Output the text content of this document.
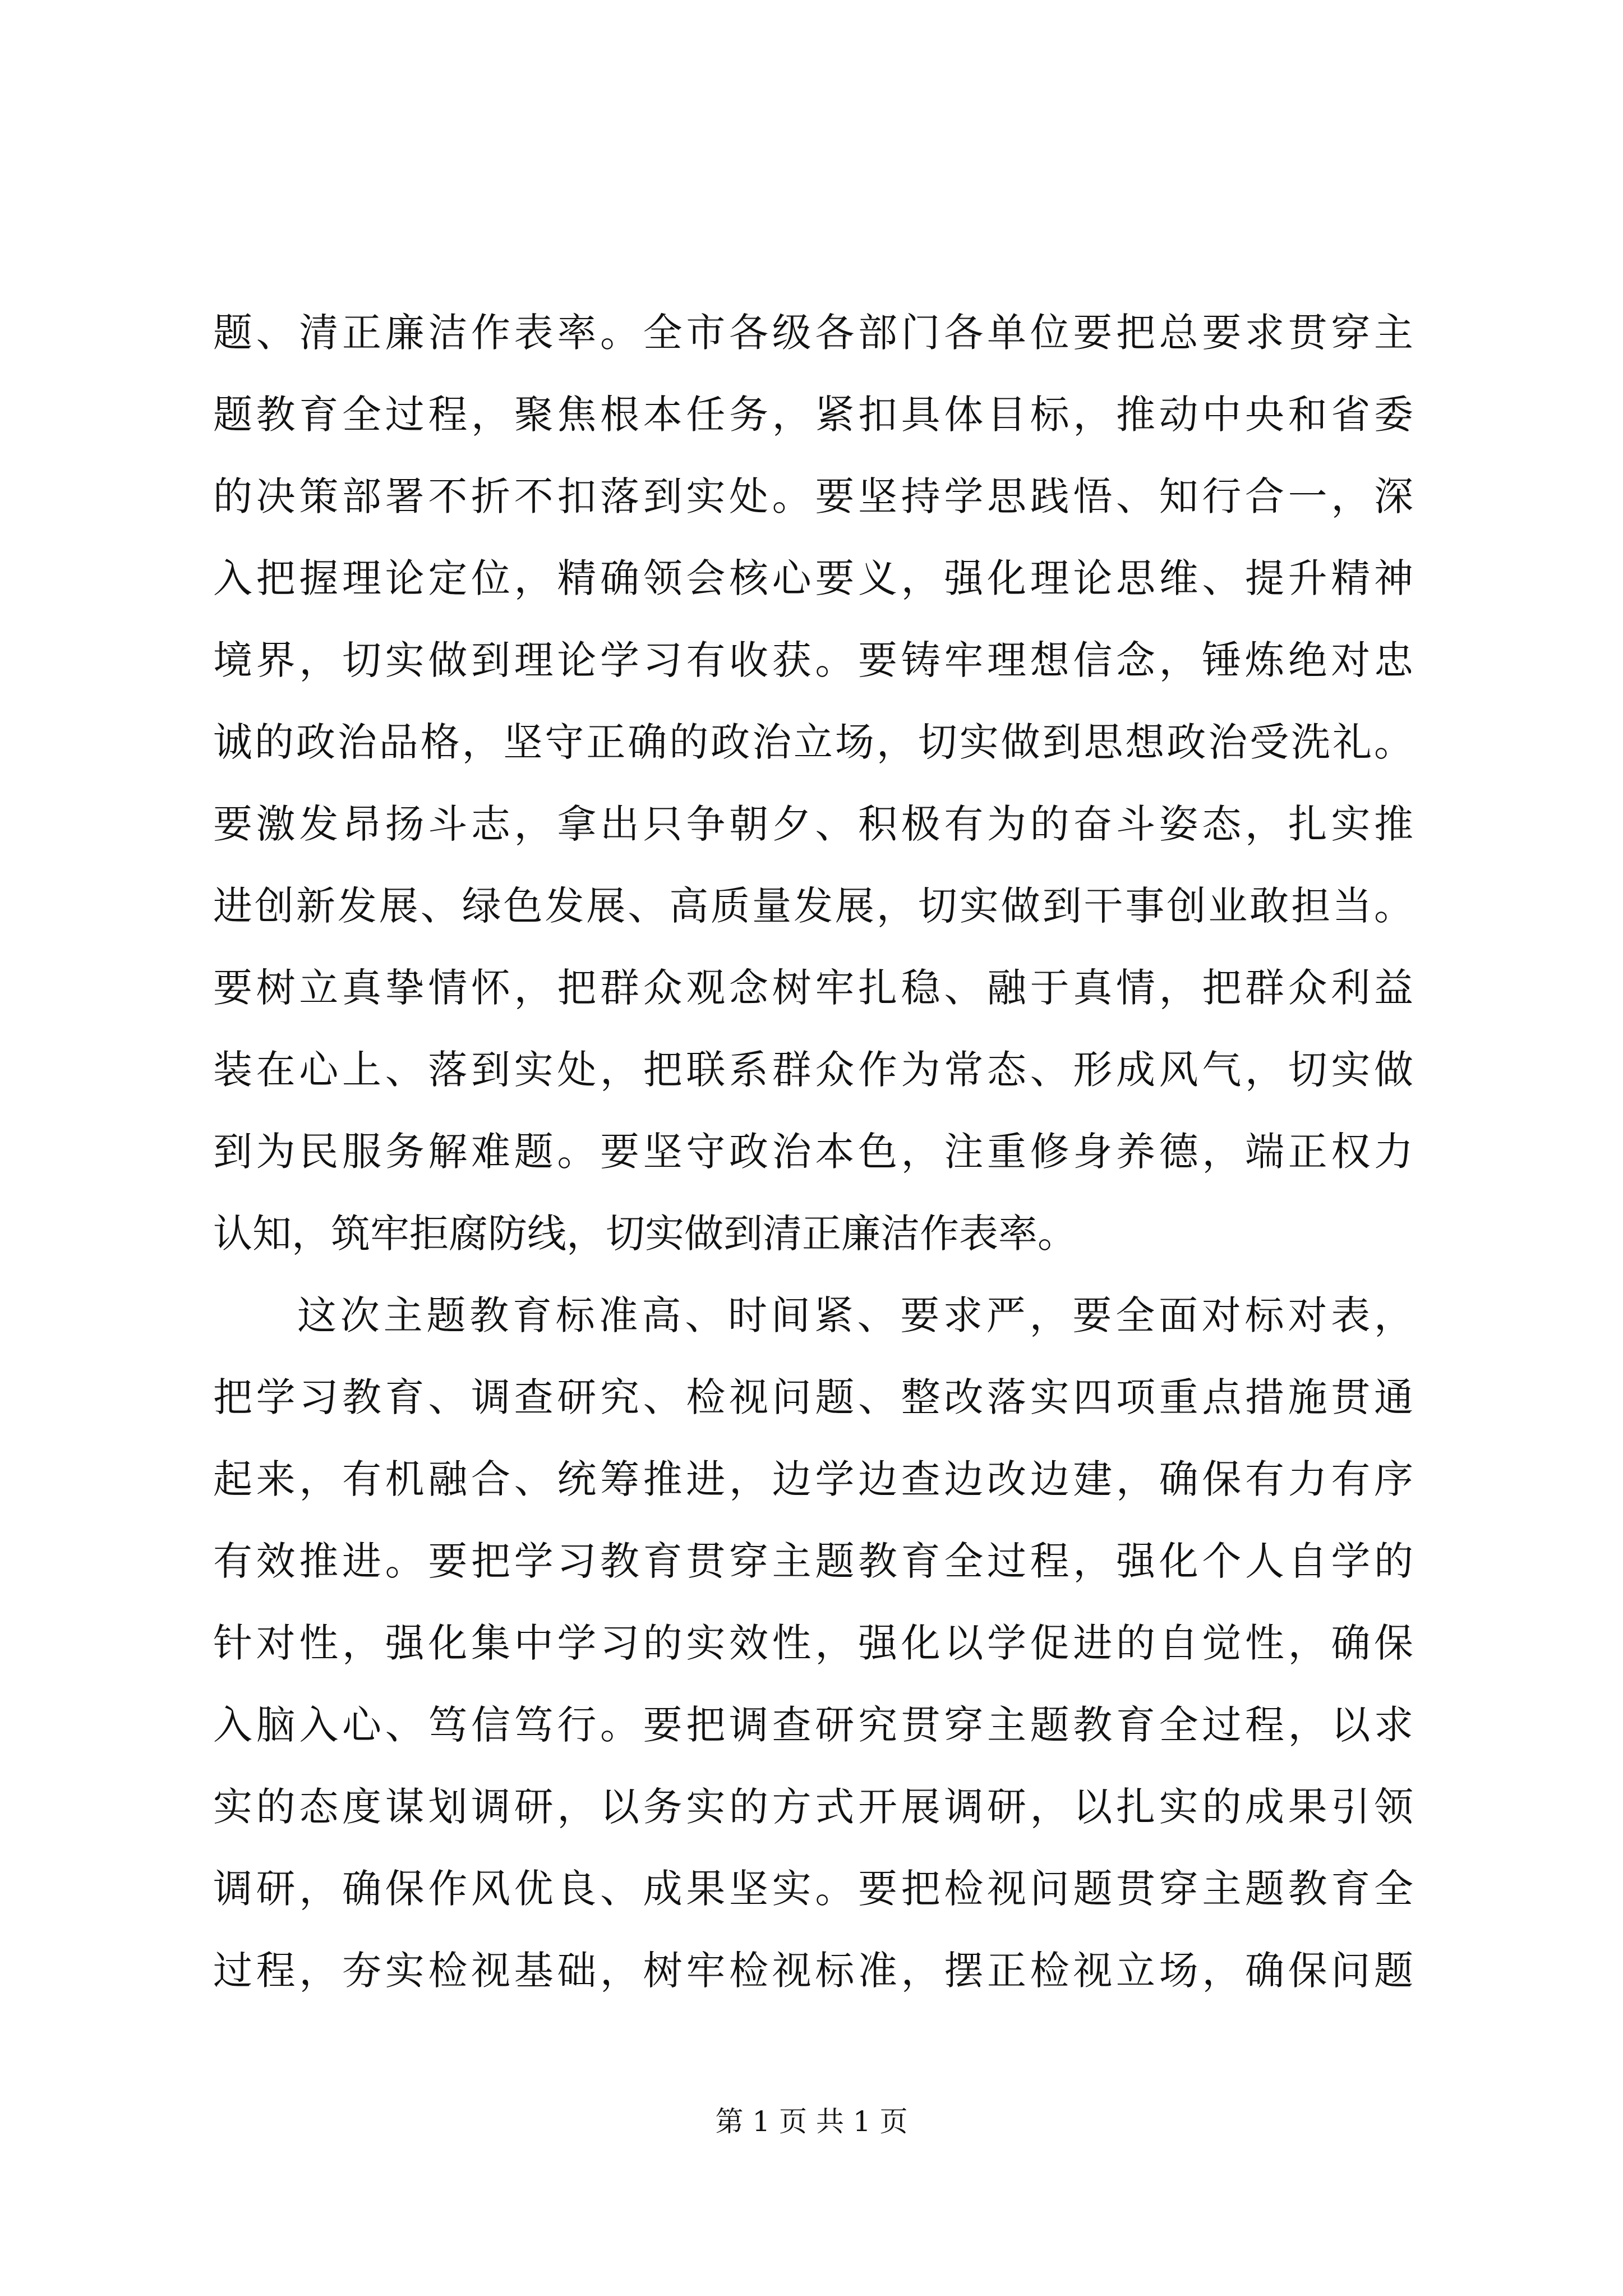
题、清正廉洁作表率。全市各级各部门各单位要把总要求贯穿主
题教育全过程，聚焦根本任务，紧扣具体目标，推动中央和省委
的决策部署不折不扣落到实处。要坚持学思践悟、知行合一，深
入把握理论定位，精确领会核心要义，强化理论思维、提升精神
境界，切实做到理论学习有收获。要铸牢理想信念，锤炼绝对忠
诚的政治品格，坚守正确的政治立场，切实做到思想政治受洗礼。
要激发昂扬斗志，拿出只争朝夕、积极有为的奋斗姿态，扎实推
进创新发展、绿色发展、高质量发展，切实做到干事创业敢担当。
要树立真挚情怀，把群众观念树牢扎稳、融于真情，把群众利益
装在心上、落到实处，把联系群众作为常态、形成风气，切实做
到为民服务解难题。要坚守政治本色，注重修身养德，端正权力
认知，筑牢拒腐防线，切实做到清正廉洁作表率。
这次主题教育标准高、时间紧、要求严，要全面对标对表，
把学习教育、调查研究、检视问题、整改落实四项重点措施贯通
起来，有机融合、统筹推进，边学边查边改边建，确保有力有序
有效推进。要把学习教育贯穿主题教育全过程，强化个人自学的
针对性，强化集中学习的实效性，强化以学促进的自觉性，确保
入脑入心、笃信笃行。要把调查研究贯穿主题教育全过程，以求
实的态度谋划调研，以务实的方式开展调研，以扎实的成果引领
调研，确保作风优良、成果坚实。要把检视问题贯穿主题教育全
过程，夯实检视基础，树牢检视标准，摆正检视立场，确保问题
第 1 页 共 1 页
